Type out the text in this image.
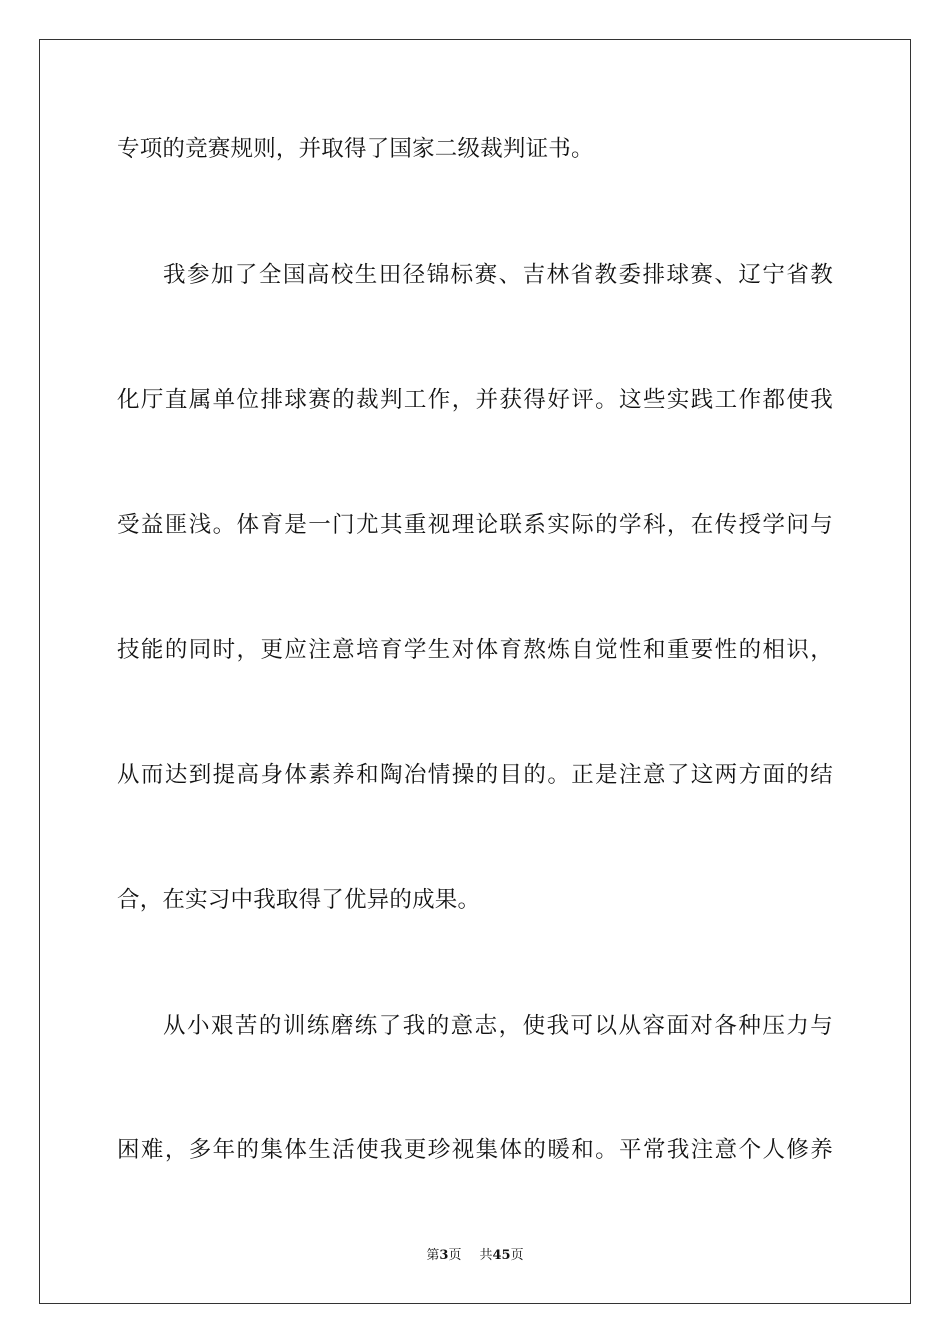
专项的竞赛规则，并取得了国家二级裁判证书。
我参加了全国高校生田径锦标赛、吉林省教委排球赛、辽宁省教
化厅直属单位排球赛的裁判工作，并获得好评。这些实践工作都使我
受益匪浅。体育是一门尤其重视理论联系实际的学科，在传授学问与
技能的同时，更应注意培育学生对体育熬炼自觉性和重要性的相识，
从而达到提高身体素养和陶冶情操的目的。正是注意了这两方面的结
合，在实习中我取得了优异的成果。
从小艰苦的训练磨练了我的意志，使我可以从容面对各种压力与
困难，多年的集体生活使我更珍视集体的暖和。平常我注意个人修养
第3页 共45页
